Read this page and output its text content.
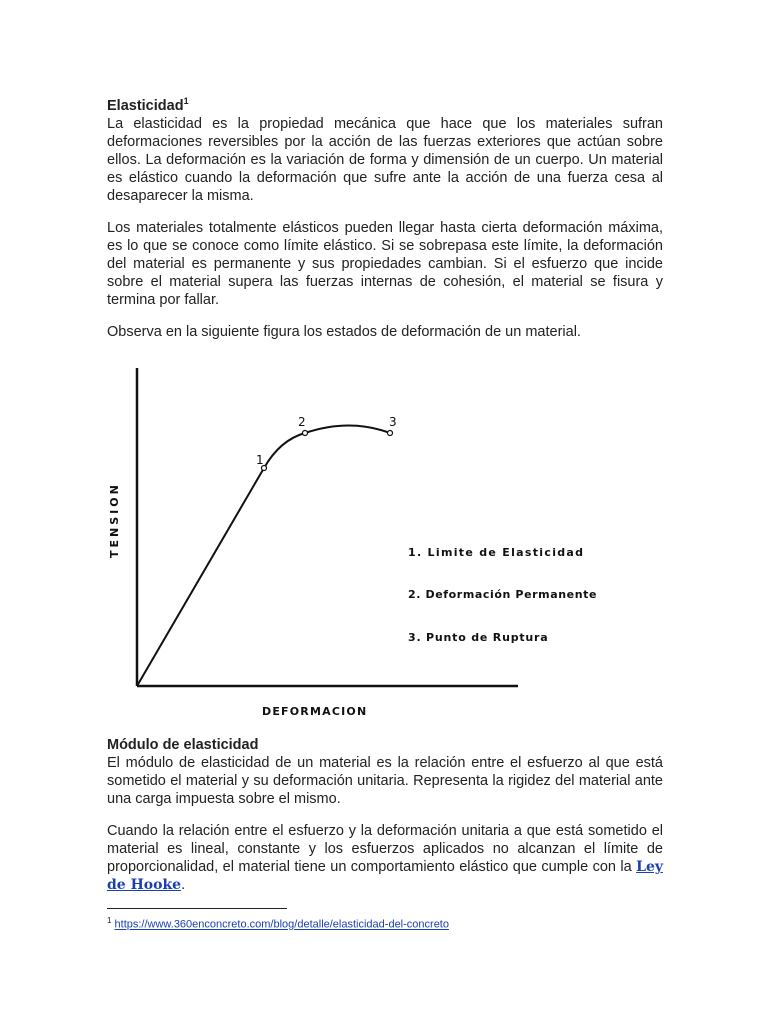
Elasticidad$^1$

La elasticidad es la propiedad mecánica que hace que los materiales sufran deformaciones reversibles por la acción de las fuerzas exteriores que actúan sobre ellos. La deformación es la variación de forma y dimensión de un cuerpo. Un material es elástico cuando la deformación que sufre ante la acción de una fuerza cesa al desaparecer la misma.

Los materiales totalmente elásticos pueden llegar hasta cierta deformación máxima, es lo que se conoce como límite elástico. Si se sobrepasa este límite, la deformación del material es permanente y sus propiedades cambian. Si el esfuerzo que incide sobre el material supera las fuerzas internas de cohesión, el material se fisura y termina por fallar.

Observa en la siguiente figura los estados de deformación de un material.

1
2	3
TENSION
DEFORMACION
1. Limite de Elasticidad
2. Deformación Permanente
3. Punto de Ruptura
Módulo de elasticidad

El módulo de elasticidad de un material es la relación entre el esfuerzo al que está sometido el material y su deformación unitaria. Representa la rigidez del material ante una carga impuesta sobre el mismo.

Cuando la relación entre el esfuerzo y la deformación unitaria a que está sometido el material es lineal, constante y los esfuerzos aplicados no alcanzan el límite de proporcionalidad, el material tiene un comportamiento elástico que cumple con la Ley de Hooke.

$^1$ https://www.360enconcreto.com/blog/detalle/elasticidad-del-concreto
